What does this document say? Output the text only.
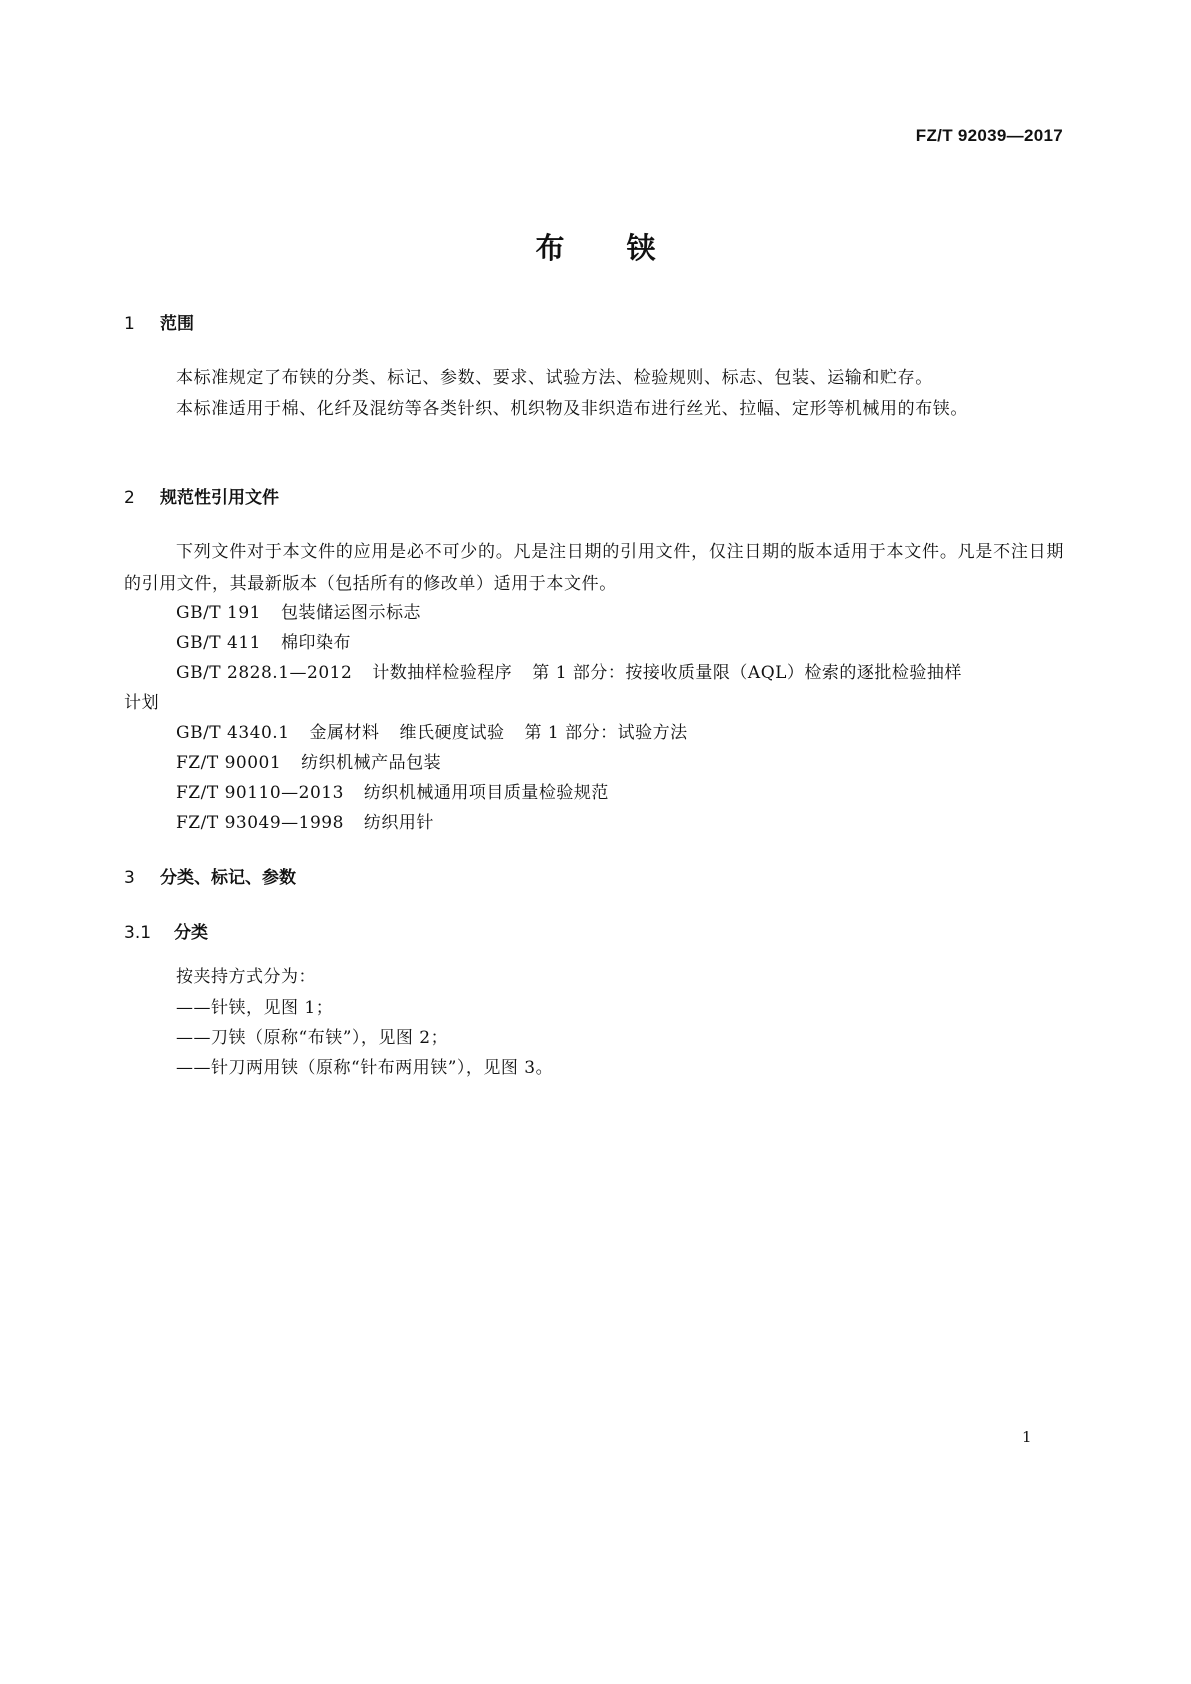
FZ/T 92039—2017
布 铗
1 范围
本标准规定了布铗的分类、标记、参数、要求、试验方法、检验规则、标志、包装、运输和贮存。
本标准适用于棉、化纤及混纺等各类针织、机织物及非织造布进行丝光、拉幅、定形等机械用的布铗。
2 规范性引用文件
下列文件对于本文件的应用是必不可少的。凡是注日期的引用文件，仅注日期的版本适用于本文件。凡是不注日期的引用文件，其最新版本（包括所有的修改单）适用于本文件。
GB/T 191 包装储运图示标志
GB/T 411 棉印染布
GB/T 2828.1—2012 计数抽样检验程序 第 1 部分：按接收质量限（AQL）检索的逐批检验抽样
计划
GB/T 4340.1 金属材料 维氏硬度试验 第 1 部分：试验方法
FZ/T 90001 纺织机械产品包装
FZ/T 90110—2013 纺织机械通用项目质量检验规范
FZ/T 93049—1998 纺织用针
3 分类、标记、参数
3.1 分类
按夹持方式分为：
——针铗，见图 1；
——刀铗（原称“布铗”），见图 2；
——针刀两用铗（原称“针布两用铗”），见图 3。
1
